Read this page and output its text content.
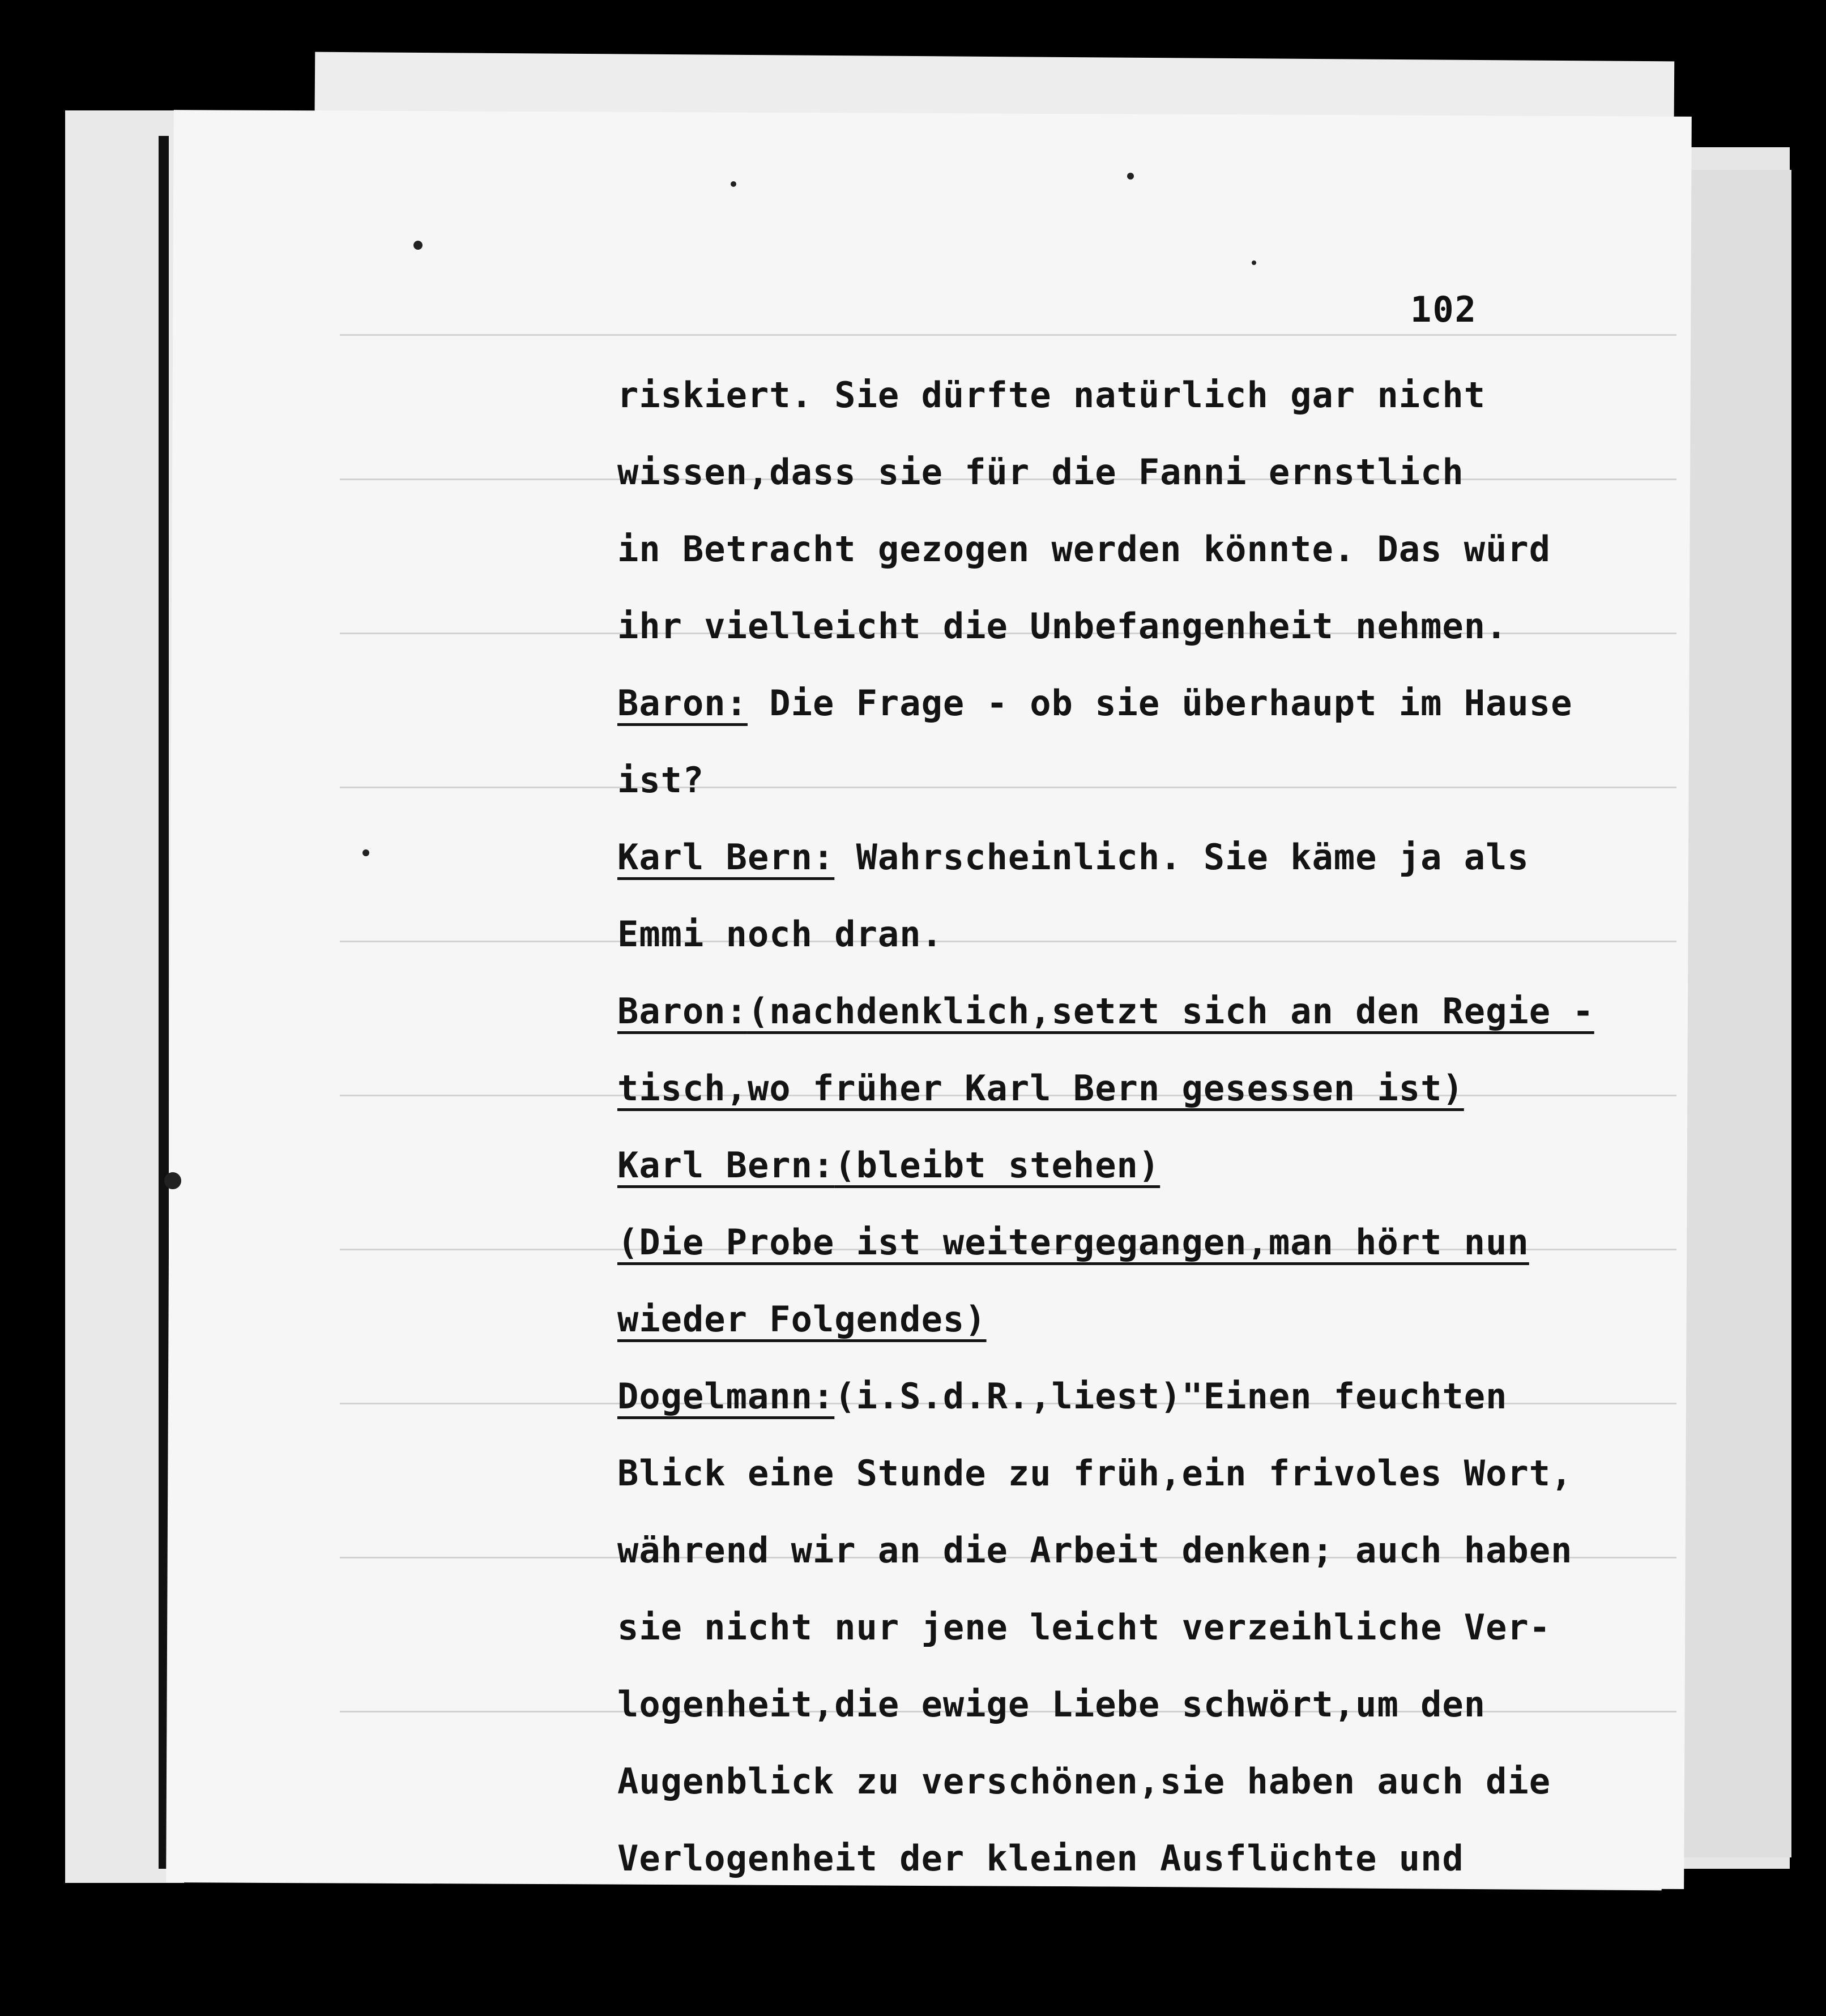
102
riskiert. Sie dürfte natürlich gar nicht
wissen,dass sie für die Fanni ernstlich
in Betracht gezogen werden könnte. Das würd
ihr vielleicht die Unbefangenheit nehmen.
Baron: Die Frage - ob sie überhaupt im Hause
ist?
Karl Bern: Wahrscheinlich. Sie käme ja als
Emmi noch dran.
Baron:(nachdenklich,setzt sich an den Regie -
tisch,wo früher Karl Bern gesessen ist)
Karl Bern:(bleibt stehen)
(Die Probe ist weitergegangen,man hört nun
wieder Folgendes)
Dogelmann:(i.S.d.R.,liest)"Einen feuchten
Blick eine Stunde zu früh,ein frivoles Wort,
während wir an die Arbeit denken; auch haben
sie nicht nur jene leicht verzeihliche Ver-
logenheit,die ewige Liebe schwört,um den
Augenblick zu verschönen,sie haben auch die
Verlogenheit der kleinen Ausflüchte und
